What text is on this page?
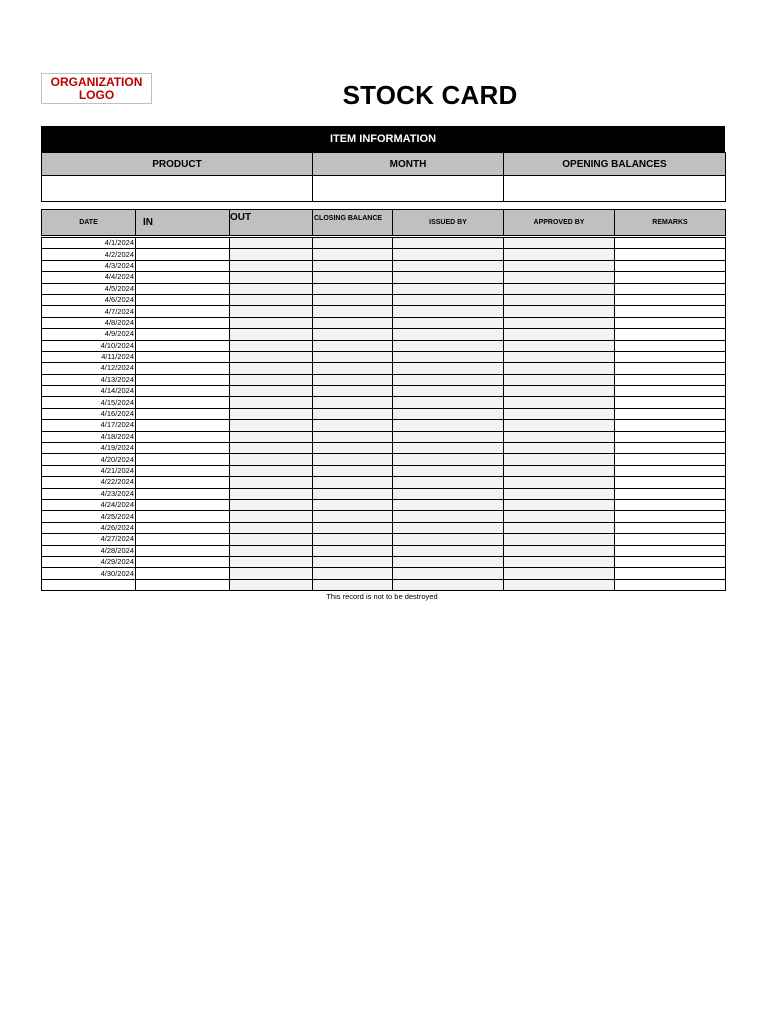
ORGANIZATION
LOGO	STOCK CARD
ITEM INFORMATION
PRODUCT	MONTH	OPENING BALANCES

DATE	IN	OUT	CLOSING BALANCE	ISSUED BY	APPROVED BY	REMARKS

4/1/2024						
4/2/2024						
4/3/2024						
4/4/2024						
4/5/2024						
4/6/2024						
4/7/2024						
4/8/2024						
4/9/2024						
4/10/2024						
4/11/2024						
4/12/2024						
4/13/2024						
4/14/2024						
4/15/2024						
4/16/2024						
4/17/2024						
4/18/2024						
4/19/2024						
4/20/2024						
4/21/2024						
4/22/2024						
4/23/2024						
4/24/2024						
4/25/2024						
4/26/2024						
4/27/2024						
4/28/2024						
4/29/2024						
4/30/2024						

This record is not to be destroyed
